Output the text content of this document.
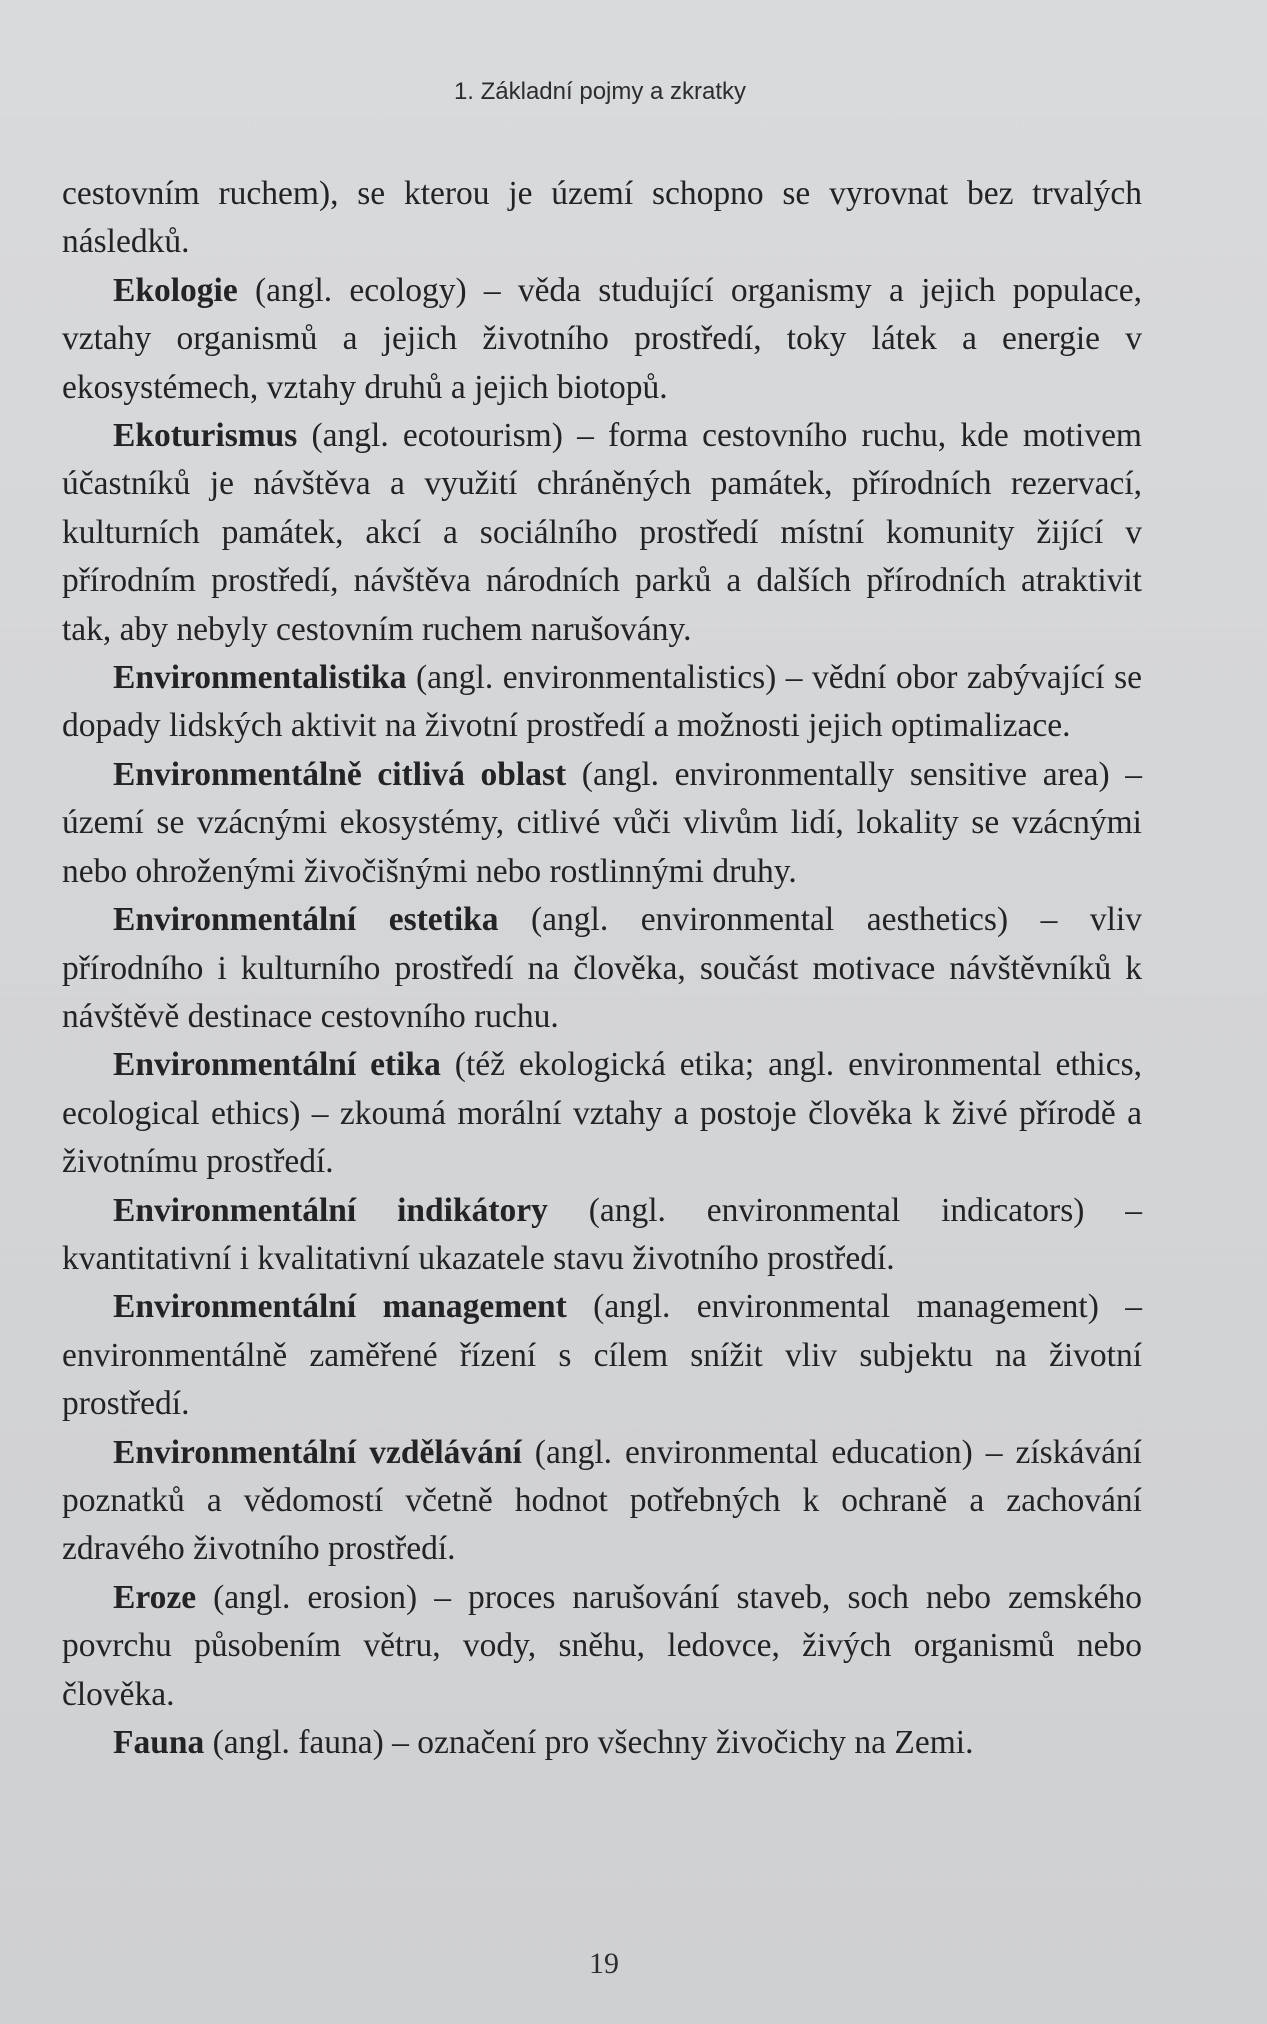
1. Základní pojmy a zkratky

cestovním ruchem), se kterou je území schopno se vyrovnat bez trvalých následků.

Ekologie (angl. ecology) – věda studující organismy a jejich populace, vztahy organismů a jejich životního prostředí, toky látek a energie v ekosystémech, vztahy druhů a jejich biotopů.

Ekoturismus (angl. ecotourism) – forma cestovního ruchu, kde motivem účastníků je návštěva a využití chráněných památek, přírodních rezervací, kulturních památek, akcí a sociálního prostředí místní komunity žijící v přírodním prostředí, návštěva národních parků a dalších přírodních atraktivit tak, aby nebyly cestovním ruchem narušovány.

Environmentalistika (angl. environmentalistics) – vědní obor zabývající se dopady lidských aktivit na životní prostředí a možnosti jejich optimalizace.

Environmentálně citlivá oblast (angl. environmentally sensitive area) – území se vzácnými ekosystémy, citlivé vůči vlivům lidí, lokality se vzácnými nebo ohroženými živočišnými nebo rostlinnými druhy.

Environmentální estetika (angl. environmental aesthetics) – vliv přírodního i kulturního prostředí na člověka, součást motivace návštěvníků k návštěvě destinace cestovního ruchu.

Environmentální etika (též ekologická etika; angl. environmental ethics, ecological ethics) – zkoumá morální vztahy a postoje člověka k živé přírodě a životnímu prostředí.

Environmentální indikátory (angl. environmental indicators) – kvantitativní i kvalitativní ukazatele stavu životního prostředí.

Environmentální management (angl. environmental management) – environmentálně zaměřené řízení s cílem snížit vliv subjektu na životní prostředí.

Environmentální vzdělávání (angl. environmental education) – získávání poznatků a vědomostí včetně hodnot potřebných k ochraně a zachování zdravého životního prostředí.

Eroze (angl. erosion) – proces narušování staveb, soch nebo zemského povrchu působením větru, vody, sněhu, ledovce, živých organismů nebo člověka.

Fauna (angl. fauna) – označení pro všechny živočichy na Zemi.

19
